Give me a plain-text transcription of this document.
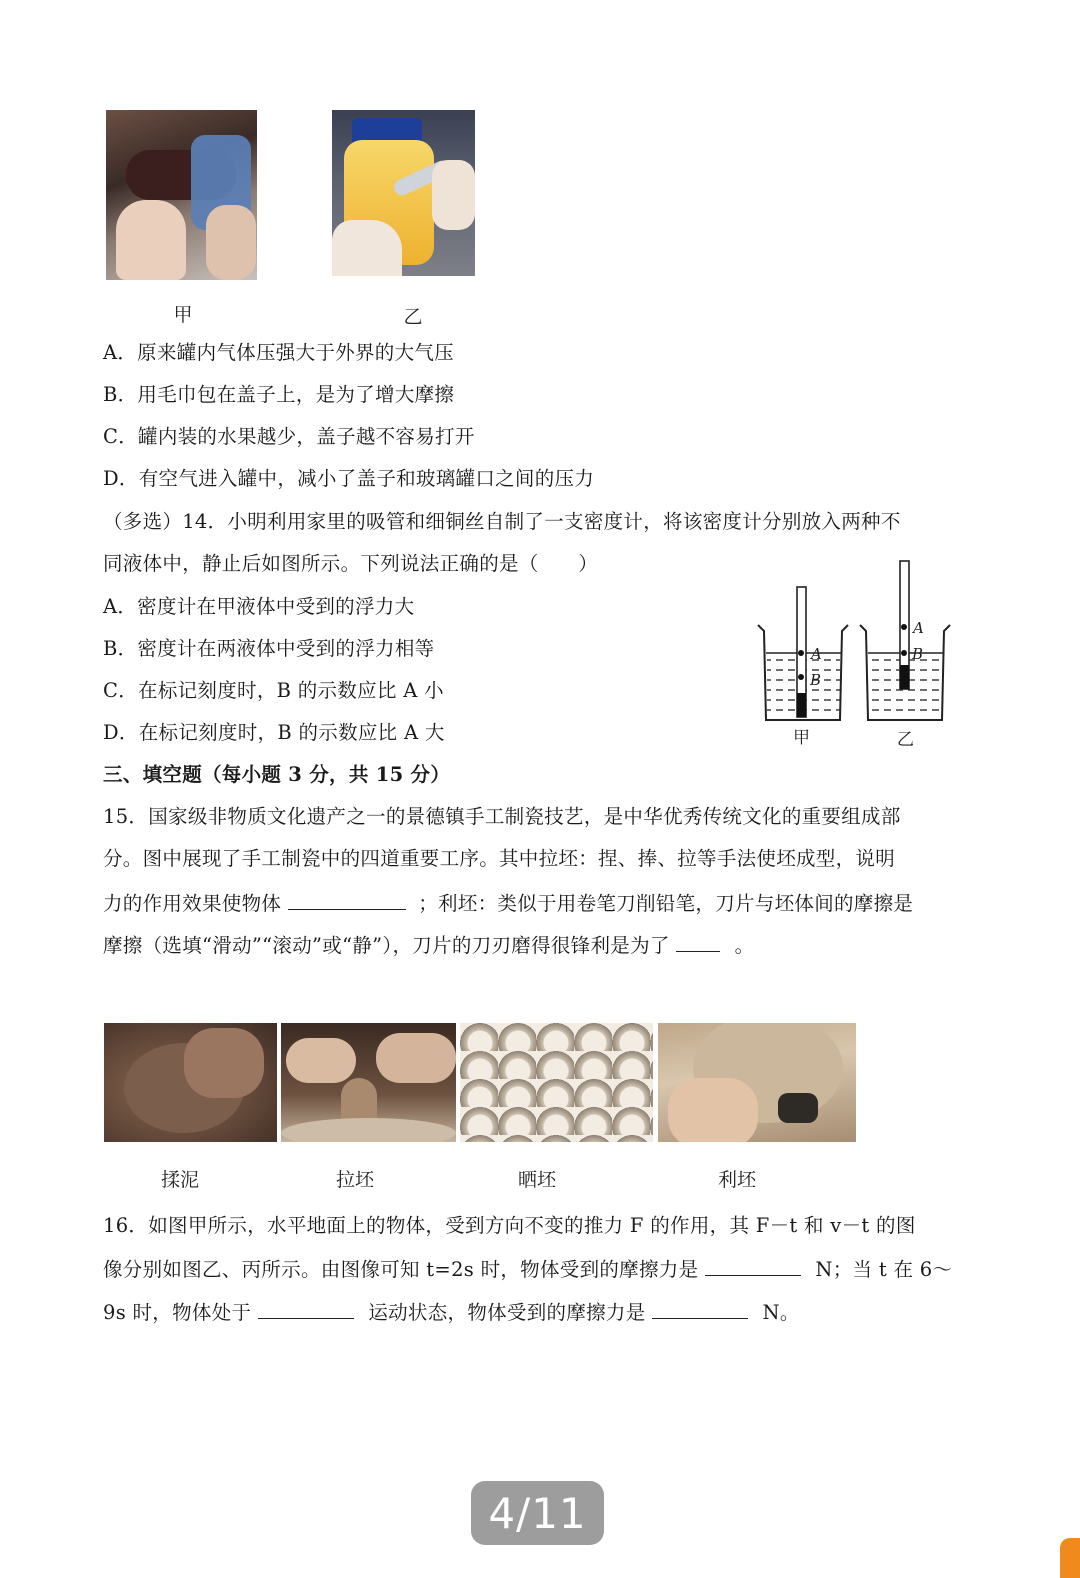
甲	乙
A．原来罐内气体压强大于外界的大气压
B．用毛巾包在盖子上，是为了增大摩擦
C．罐内装的水果越少，盖子越不容易打开
D．有空气进入罐中，减小了盖子和玻璃罐口之间的压力
（多选）14．小明利用家里的吸管和细铜丝自制了一支密度计，将该密度计分别放入两种不
同液体中，静止后如图所示。下列说法正确的是（　　）
A．密度计在甲液体中受到的浮力大
B．密度计在两液体中受到的浮力相等
C．在标记刻度时，B 的示数应比 A 小
D．在标记刻度时，B 的示数应比 A 大
A
B
甲
A
B
乙
三、填空题（每小题 3 分，共 15 分）
15．国家级非物质文化遗产之一的景德镇手工制瓷技艺，是中华优秀传统文化的重要组成部
分。图中展现了手工制瓷中的四道重要工序。其中拉坯：捏、捧、拉等手法使坯成型，说明
力的作用效果使物体	；利坯：类似于用卷笔刀削铅笔，刀片与坯体间的摩擦是
摩擦（选填“滑动”“滚动”或“静”），刀片的刀刃磨得很锋利是为了	。
揉泥	拉坯	晒坯	利坯
16．如图甲所示，水平地面上的物体，受到方向不变的推力 F 的作用，其 F－t 和 v－t 的图
像分别如图乙、丙所示。由图像可知 t=2s 时，物体受到的摩擦力是	N；当 t 在 6～
9s 时，物体处于	运动状态，物体受到的摩擦力是	N。
4/11
